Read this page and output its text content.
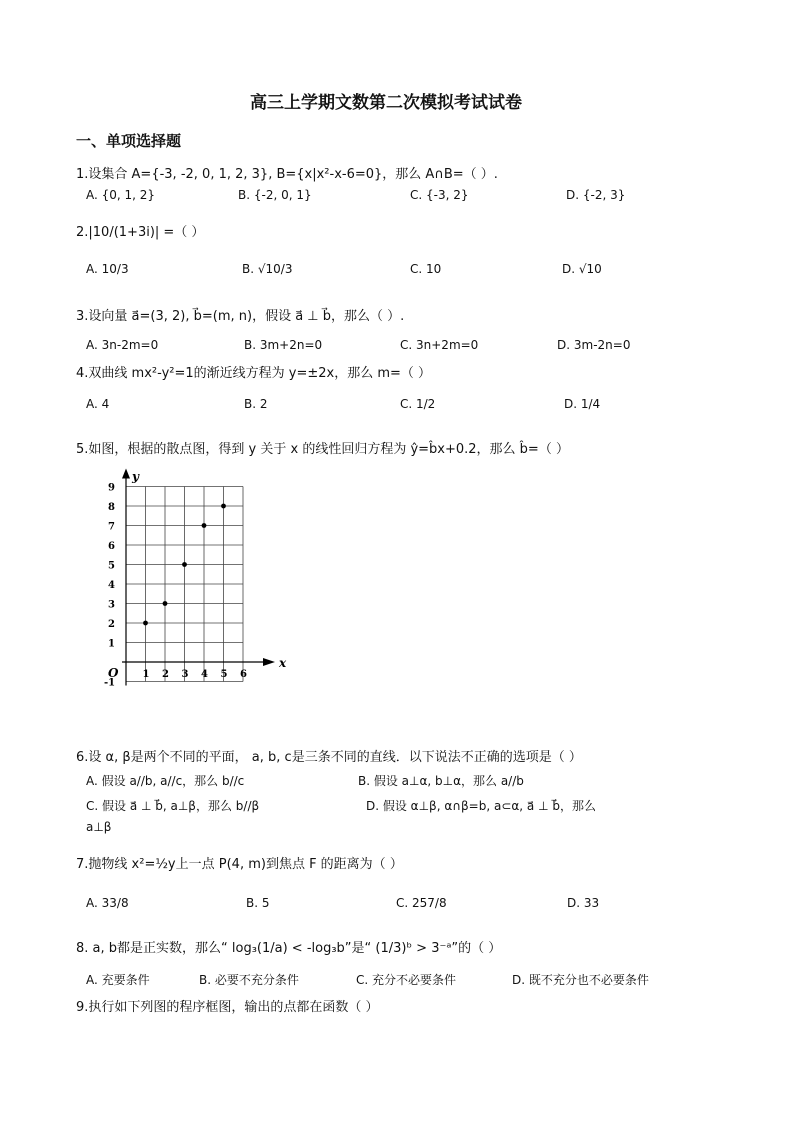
高三上学期文数第二次模拟考试试卷
一、单项选择题
1.设集合 A={-3, -2, 0, 1, 2, 3}, B={x|x²-x-6=0}，那么 A∩B=（ ）.
A. {0, 1, 2}	B. {-2, 0, 1}	C. {-3, 2}	D. {-2, 3}
2.|10/(1+3i)| =（ ）
A. 10/3	B. √10/3	C. 10	D. √10
3.设向量 a⃗=(3, 2), b⃗=(m, n)，假设 a⃗ ⊥ b⃗，那么（ ）.
A. 3n-2m=0	B. 3m+2n=0	C. 3n+2m=0	D. 3m-2n=0
4.双曲线 mx²-y²=1的渐近线方程为 y=±2x，那么 m=（ ）
A. 4	B. 2	C. 1/2	D. 1/4
5.如图，根据的散点图，得到 y 关于 x 的线性回归方程为 ŷ=b̂x+0.2，那么 b̂=（ ）
y
x
1
2
3
4
5
6
7
8
9
1 2 3 4 5 6
O
-1
6.设 α, β是两个不同的平面， a, b, c是三条不同的直线．以下说法不正确的选项是（ ）
A. 假设 a//b, a//c，那么 b//c	B. 假设 a⊥α, b⊥α，那么 a//b
C. 假设 a⃗ ⊥ b⃗, a⊥β，那么 b//β	D. 假设 α⊥β, α∩β=b, a⊂α, a⃗ ⊥ b⃗，那么
a⊥β
7.抛物线 x²=½y上一点 P(4, m)到焦点 F 的距离为（ ）
A. 33/8	B. 5	C. 257/8	D. 33
8. a, b都是正实数，那么“ log₃(1/a) < -log₃b”是“ (1/3)ᵇ > 3⁻ᵃ”的（ ）
A. 充要条件	B. 必要不充分条件	C. 充分不必要条件	D. 既不充分也不必要条件
9.执行如下列图的程序框图，输出的点都在函数（ ）
